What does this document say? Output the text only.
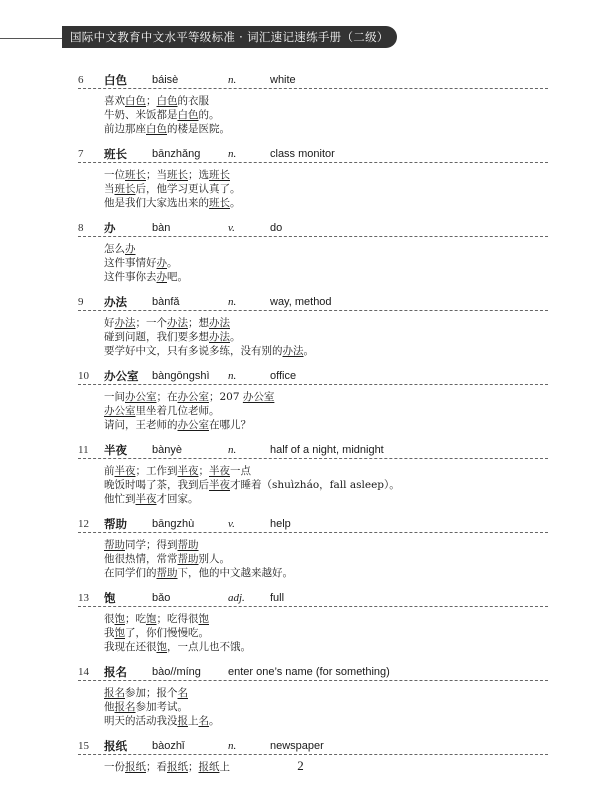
国际中文教育中文水平等级标准 · 词汇速记速练手册（二级）
6 白色 báisè	n.	white
喜欢白色；白色的衣服
牛奶、米饭都是白色的。
前边那座白色的楼是医院。
7 班长 bānzhǎng	n.	class monitor
一位班长；当班长；选班长
当班长后，他学习更认真了。
他是我们大家选出来的班长。
8 办	bàn	v.	do
怎么办
这件事情好办。
这件事你去办吧。
9 办法 bànfǎ	n.	way, method
好办法；一个办法；想办法
碰到问题，我们要多想办法。
要学好中文，只有多说多练，没有别的办法。
10 办公室 bàngōngshì n.	office
一间办公室；在办公室；207 办公室
办公室里坐着几位老师。
请问，王老师的办公室在哪儿？
11 半夜 bànyè	n.	half of a night, midnight
前半夜；工作到半夜；半夜一点
晚饭时喝了茶，我到后半夜才睡着（shuìzháo，fall asleep）。
他忙到半夜才回家。
12 帮助 bāngzhù	v.	help
帮助同学；得到帮助
他很热情，常常帮助别人。
在同学们的帮助下，他的中文越来越好。
13 饱	bǎo	adj. full
很饱；吃饱；吃得很饱
我饱了，你们慢慢吃。
我现在还很饱，一点儿也不饿。
14 报名 bào//míng enter one’s name (for something)
报名参加；报个名
他报名参加考试。
明天的活动我没报上名。
15 报纸 bàozhǐ	n.	newspaper
一份报纸；看报纸；报纸上	2
